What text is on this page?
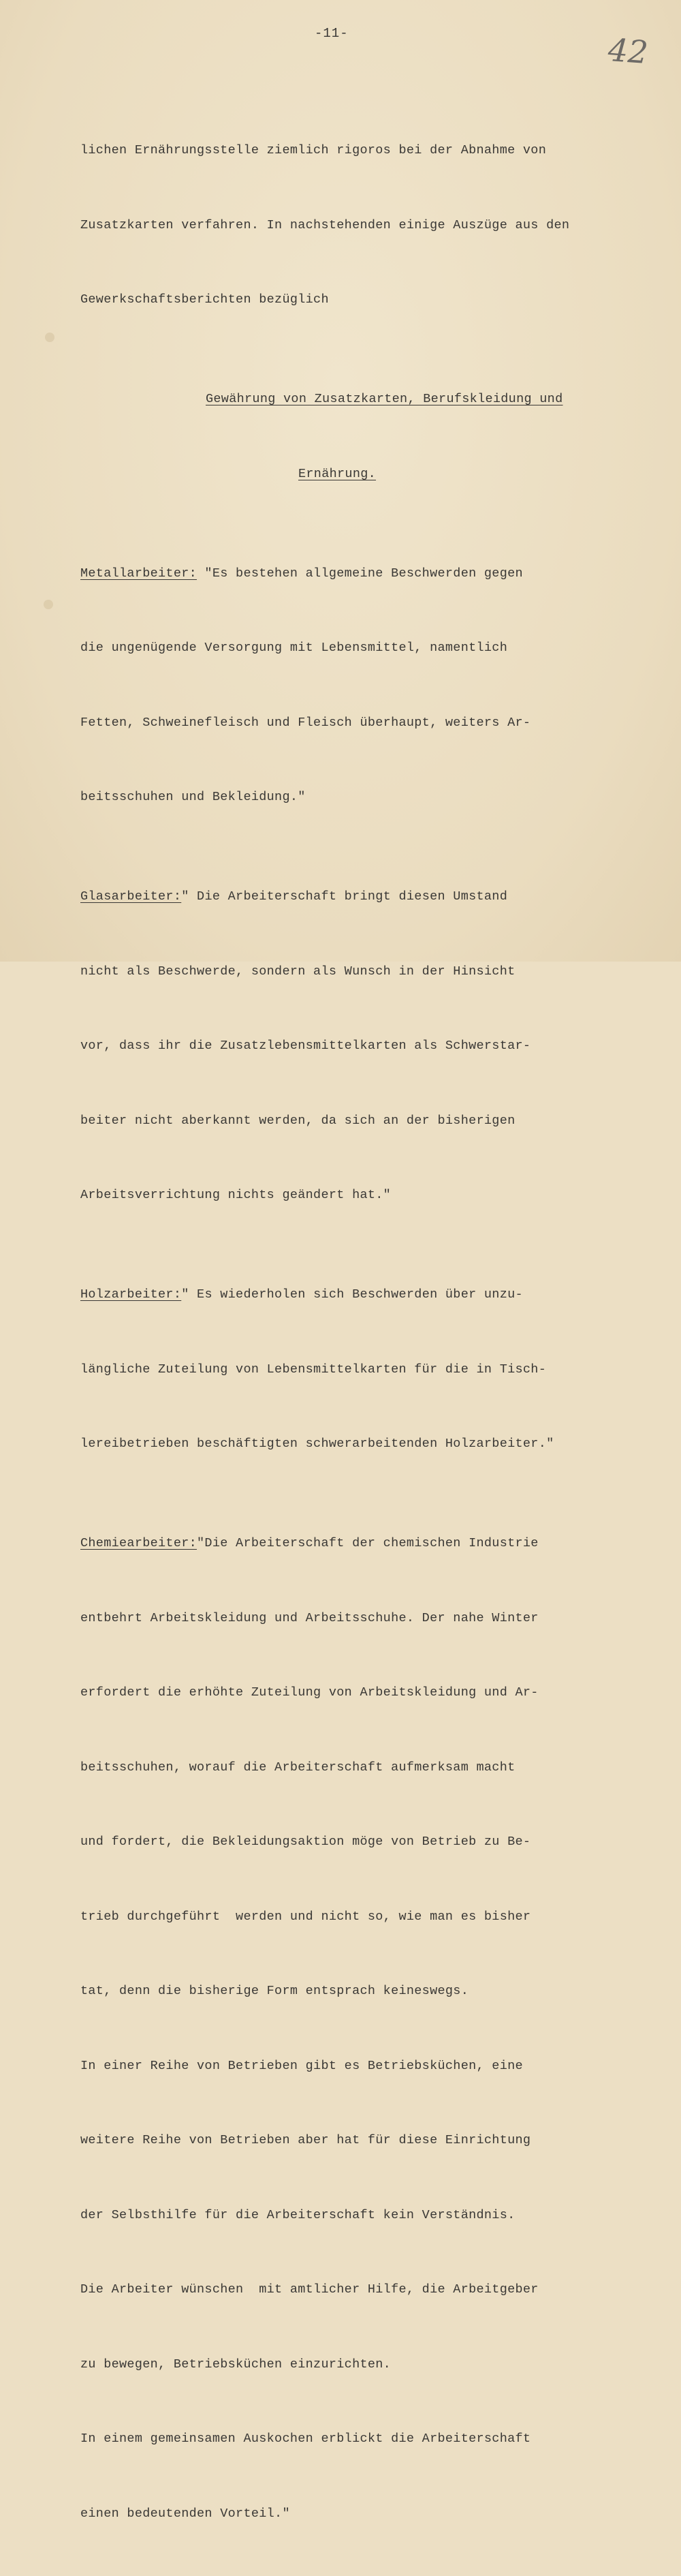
-11-	42

lichen Ernährungsstelle ziemlich rigoros bei der Abnahme von

Zusatzkarten verfahren. In nachstehenden einige Auszüge aus den

Gewerkschaftsberichten bezüglich

Gewährung von Zusatzkarten, Berufskleidung und

Ernährung.

Metallarbeiter: "Es bestehen allgemeine Beschwerden gegen

die ungenügende Versorgung mit Lebensmittel, namentlich

Fetten, Schweinefleisch und Fleisch überhaupt, weiters Ar-

beitsschuhen und Bekleidung."

Glasarbeiter:" Die Arbeiterschaft bringt diesen Umstand

nicht als Beschwerde, sondern als Wunsch in der Hinsicht

vor, dass ihr die Zusatzlebensmittelkarten als Schwerstar-

beiter nicht aberkannt werden, da sich an der bisherigen

Arbeitsverrichtung nichts geändert hat."

Holzarbeiter:" Es wiederholen sich Beschwerden über unzu-

längliche Zuteilung von Lebensmittelkarten für die in Tisch-

lereibetrieben beschäftigten schwerarbeitenden Holzarbeiter."

Chemiearbeiter:"Die Arbeiterschaft der chemischen Industrie

entbehrt Arbeitskleidung und Arbeitsschuhe. Der nahe Winter

erfordert die erhöhte Zuteilung von Arbeitskleidung und Ar-

beitsschuhen, worauf die Arbeiterschaft aufmerksam macht

und fordert, die Bekleidungsaktion möge von Betrieb zu Be-

trieb durchgeführt  werden und nicht so, wie man es bisher

tat, denn die bisherige Form entsprach keineswegs.

In einer Reihe von Betrieben gibt es Betriebsküchen, eine

weitere Reihe von Betrieben aber hat für diese Einrichtung

der Selbsthilfe für die Arbeiterschaft kein Verständnis.

Die Arbeiter wünschen  mit amtlicher Hilfe, die Arbeitgeber

zu bewegen, Betriebsküchen einzurichten.

In einem gemeinsamen Auskochen erblickt die Arbeiterschaft

einen bedeutenden Vorteil."
